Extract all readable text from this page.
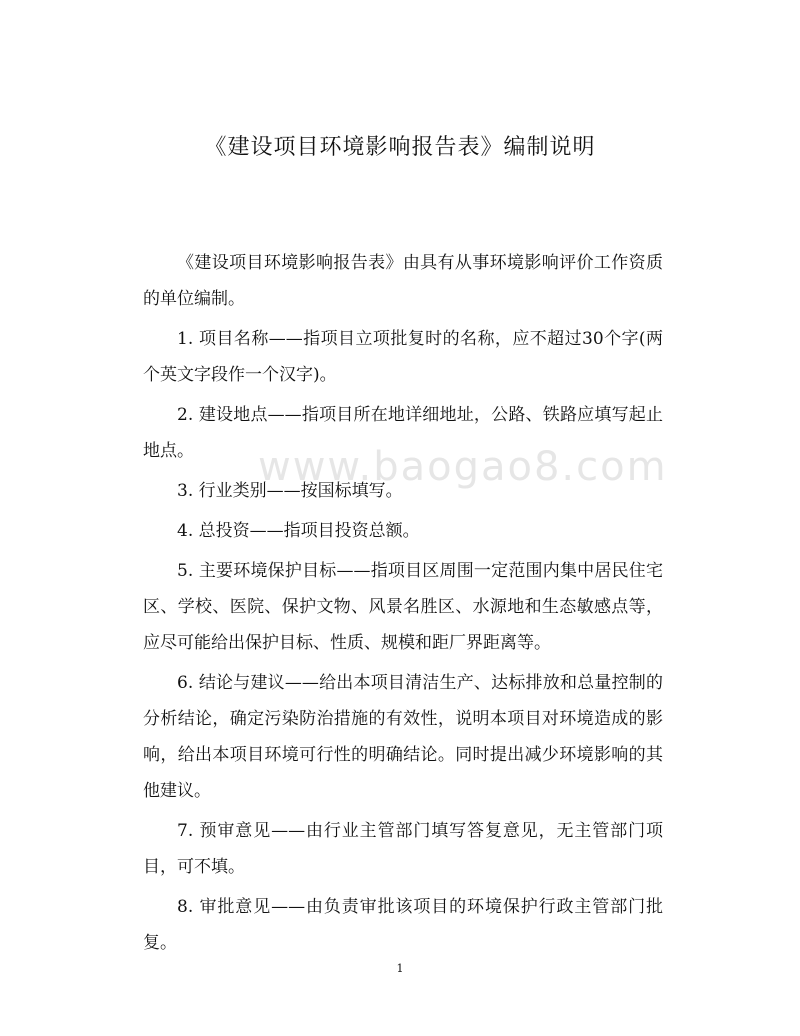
www.baogao8.com
《建设项目环境影响报告表》编制说明

《建设项目环境影响报告表》由具有从事环境影响评价工作资质的单位编制。

1. 项目名称——指项目立项批复时的名称，应不超过30个字(两个英文字段作一个汉字)。

2. 建设地点——指项目所在地详细地址，公路、铁路应填写起止地点。

3. 行业类别——按国标填写。

4. 总投资——指项目投资总额。

5. 主要环境保护目标——指项目区周围一定范围内集中居民住宅区、学校、医院、保护文物、风景名胜区、水源地和生态敏感点等，应尽可能给出保护目标、性质、规模和距厂界距离等。

6. 结论与建议——给出本项目清洁生产、达标排放和总量控制的分析结论，确定污染防治措施的有效性，说明本项目对环境造成的影响，给出本项目环境可行性的明确结论。同时提出减少环境影响的其他建议。

7. 预审意见——由行业主管部门填写答复意见，无主管部门项目，可不填。

8. 审批意见——由负责审批该项目的环境保护行政主管部门批复。

1
